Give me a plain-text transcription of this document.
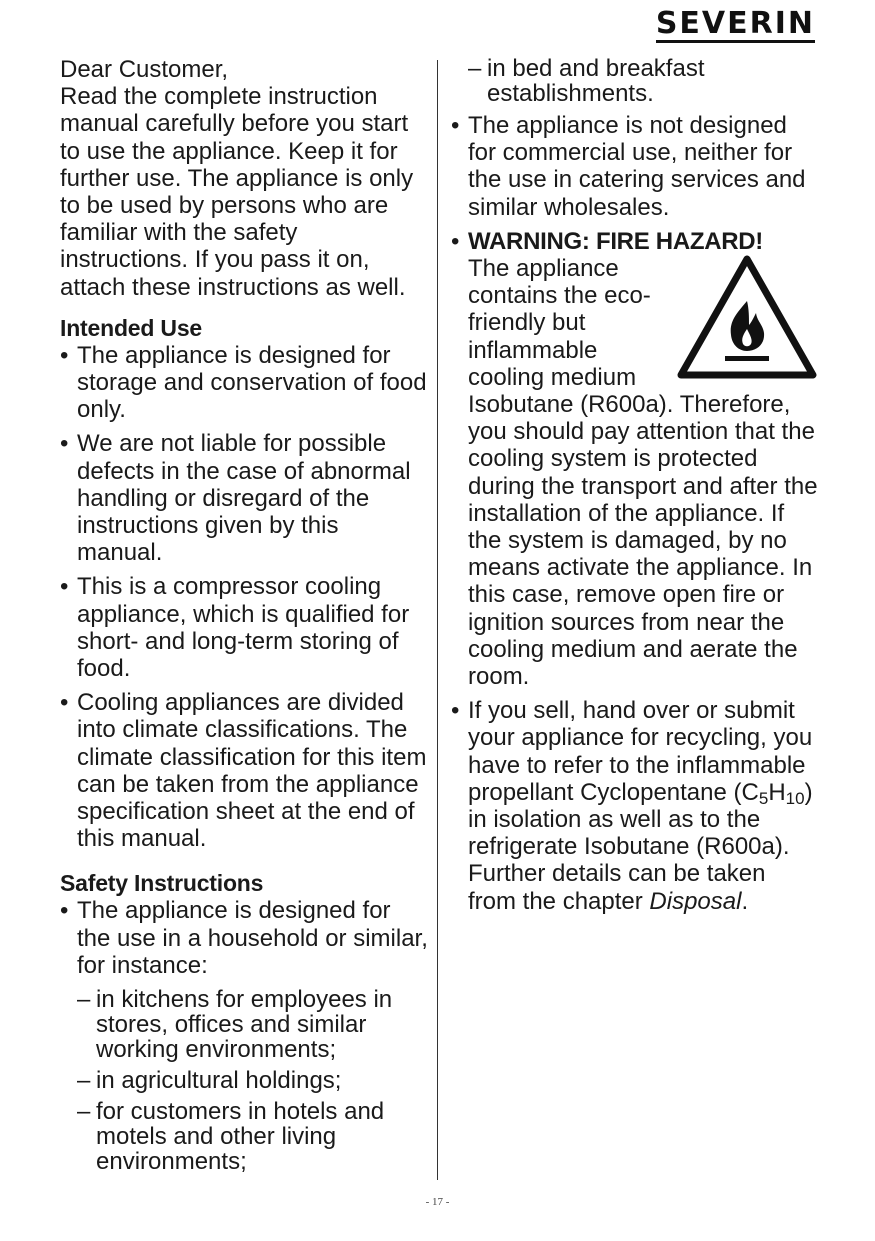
SEVERIN

Dear Customer,

Read the complete instruction manual carefully before you start to use the appliance. Keep it for further use. The appliance is only to be used by persons who are familiar with the safety instructions. If you pass it on, attach these instructions as well.

Intended Use

• The appliance is designed for storage and conservation of food only.
• We are not liable for possible defects in the case of abnormal handling or disregard of the instructions given by this manual.
• This is a compressor cooling appliance, which is qualified for short- and long-term storing of food.
• Cooling appliances are divided into climate classifications. The climate classification for this item can be taken from the appliance specification sheet at the end of this manual.

Safety Instructions

• The appliance is designed for the use in a household or similar, for instance:
– in kitchens for employees in stores, offices and similar working environments;
– in agricultural holdings;
– for customers in hotels and motels and other living environments;
– in bed and breakfast establishments.
• The appliance is not designed for commercial use, neither for the use in catering services and similar wholesales.
• WARNING: FIRE HAZARD!
The appliance contains the eco-friendly but inflammable cooling medium Isobutane (R600a). Therefore, you should pay attention that the cooling system is protected during the transport and after the installation of the appliance. If the system is damaged, by no means activate the appliance. In this case, remove open fire or ignition sources from near the cooling medium and aerate the room.
• If you sell, hand over or submit your appliance for recycling, you have to refer to the inflammable propellant Cyclopentane $(C_5H_{10})$ in isolation as well as to the refrigerate Isobutane (R600a). Further details can be taken from the chapter Disposal.
- 17 -
